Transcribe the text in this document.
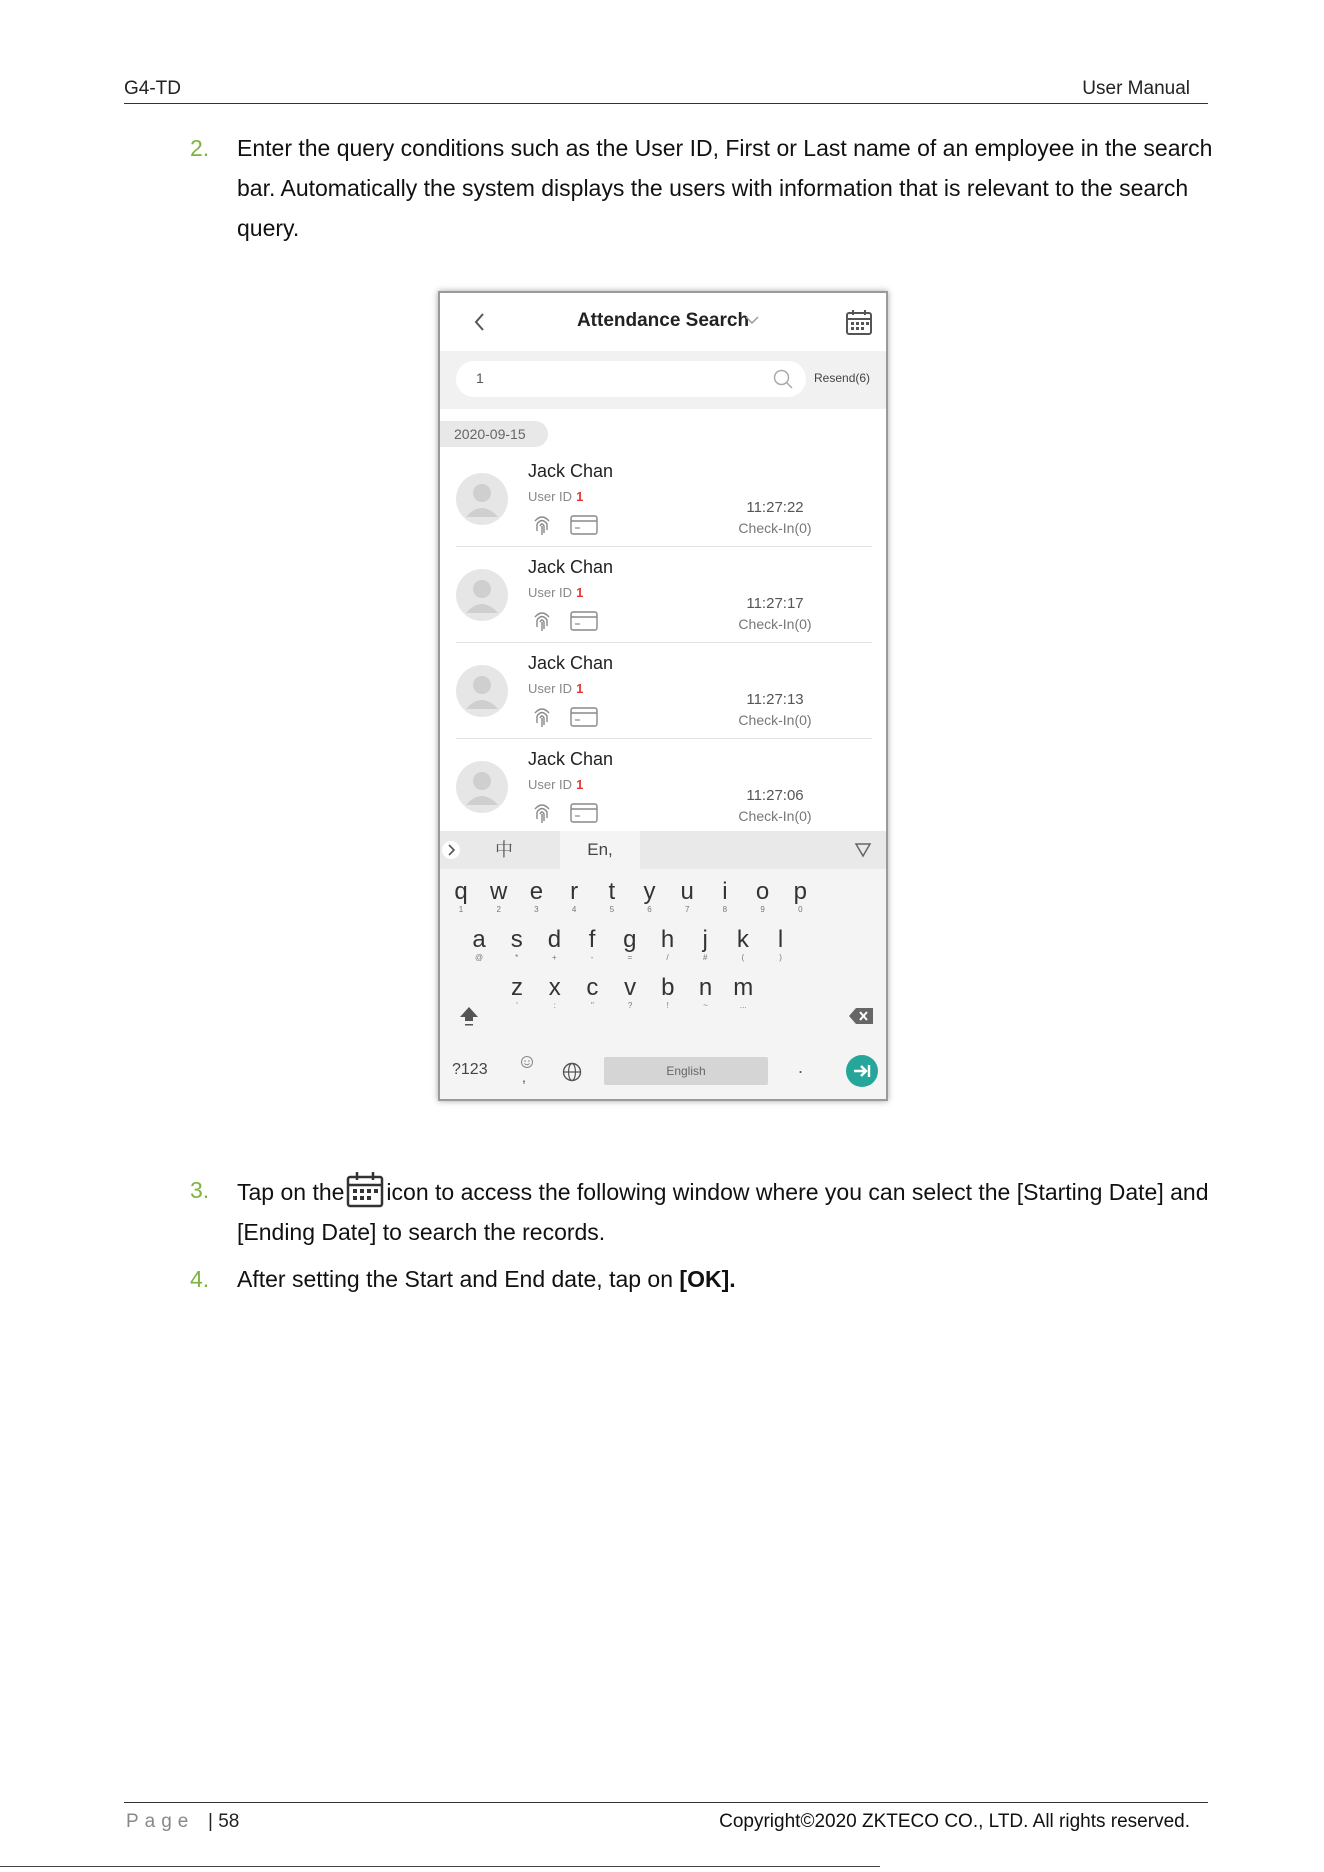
G4-TD	User Manual
2.	Enter the query conditions such as the User ID, First or Last name of an employee in the search bar. Automatically the system displays the users with information that is relevant to the search query.
Attendance Search
1	Resend(6)
2020-09-15
Jack Chan
User ID 1
11:27:22
Check-In(0)
Jack Chan
User ID 1
11:27:17
Check-In(0)
Jack Chan
User ID 1
11:27:13
Check-In(0)
Jack Chan
User ID 1
11:27:06
Check-In(0)
中	En,
q
1
w
2
e
3
r
4
t
5
y
6
u
7
i
8
o
9
p
0
a
@
s
*
d
+
f
-
g
=
h
/
j
#
k
(
l
)
z
'
x
:
c
"
v
?
b
!
n
~
m
...
?123 ,	English	.
3.	Tap on the icon to access the following window where you can select the [Starting Date] and [Ending Date] to search the records.
4.	After setting the Start and End date, tap on [OK].
Page | 58	Copyright©2020 ZKTECO CO., LTD. All rights reserved.
